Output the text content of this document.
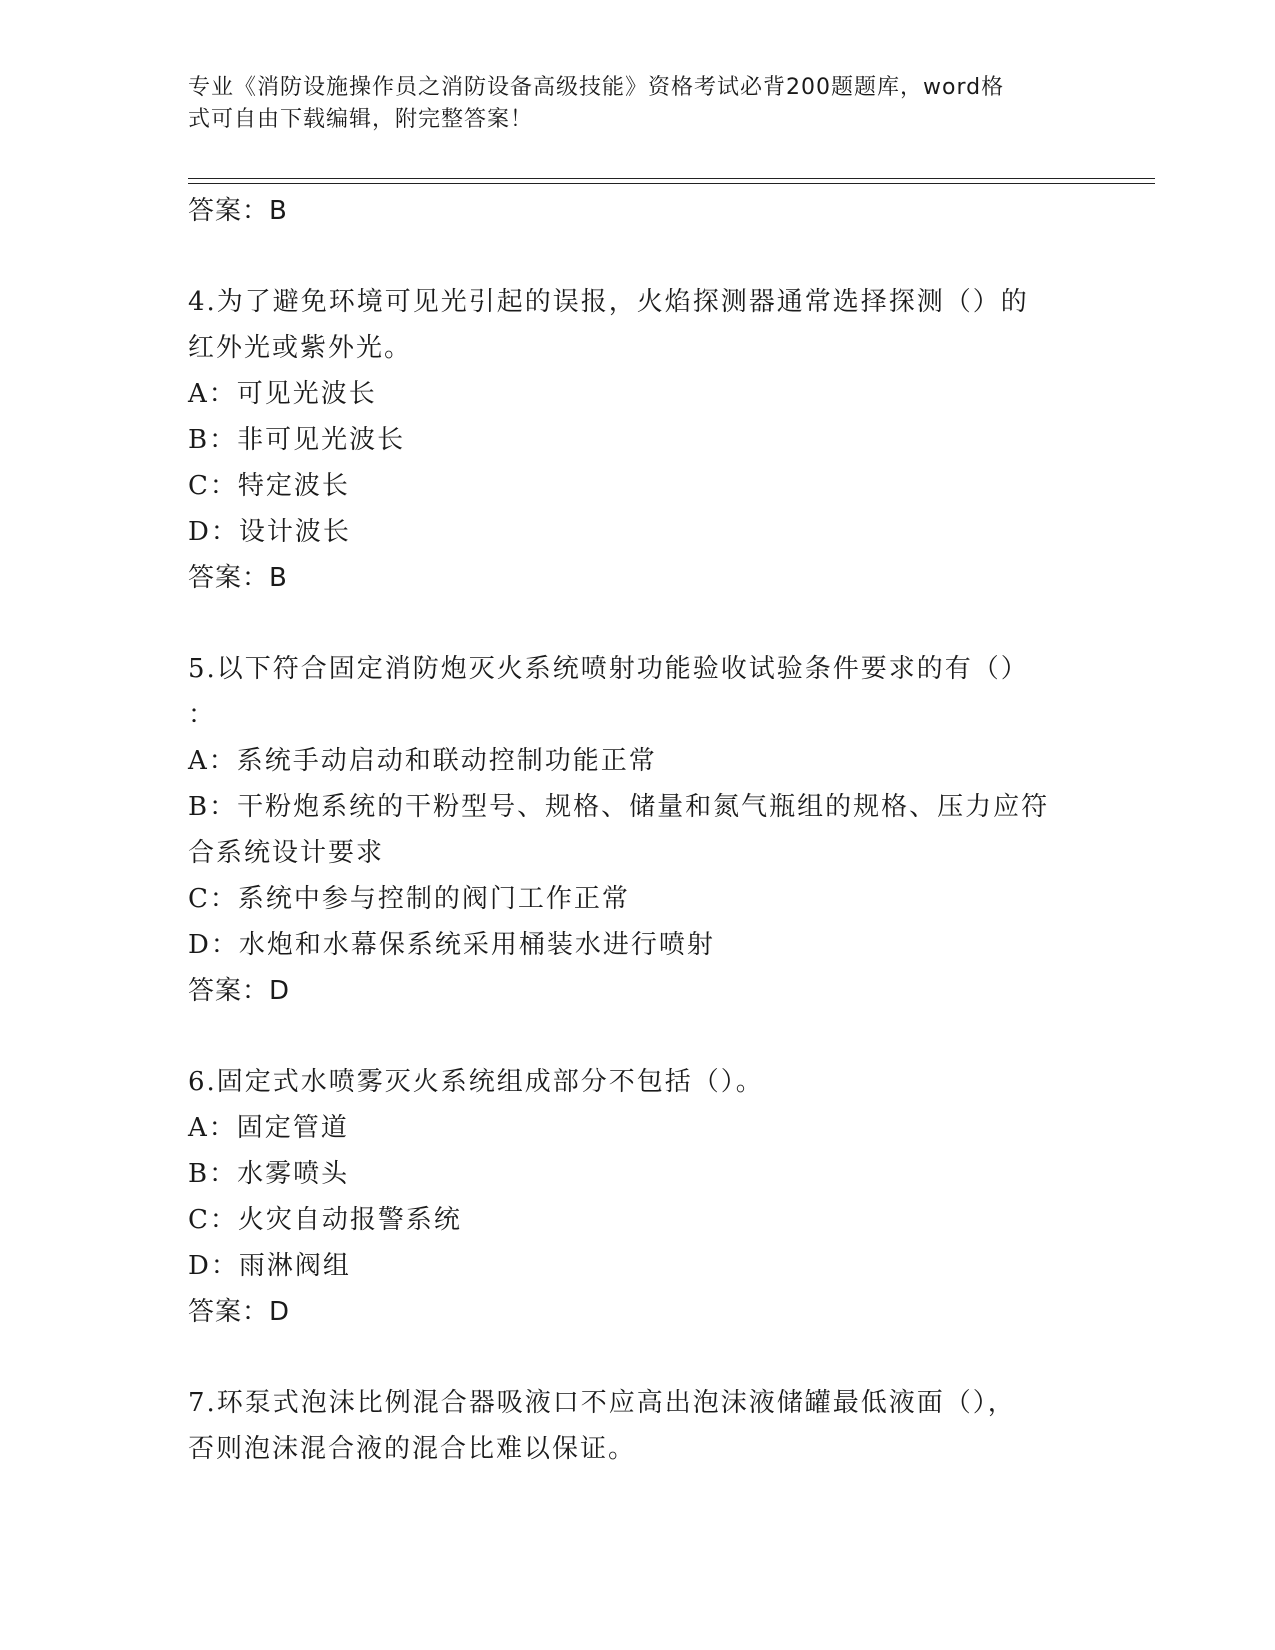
专业《消防设施操作员之消防设备高级技能》资格考试必背200题题库，word格
式可自由下载编辑，附完整答案！
答案：B
4.为了避免环境可见光引起的误报，火焰探测器通常选择探测（）的
红外光或紫外光。
A：可见光波长
B：非可见光波长
C：特定波长
D：设计波长
答案：B
5.以下符合固定消防炮灭火系统喷射功能验收试验条件要求的有（）
：
A：系统手动启动和联动控制功能正常
B：干粉炮系统的干粉型号、规格、储量和氮气瓶组的规格、压力应符
合系统设计要求
C：系统中参与控制的阀门工作正常
D：水炮和水幕保系统采用桶装水进行喷射
答案：D
6.固定式水喷雾灭火系统组成部分不包括（）。
A：固定管道
B：水雾喷头
C：火灾自动报警系统
D：雨淋阀组
答案：D
7.环泵式泡沫比例混合器吸液口不应高出泡沫液储罐最低液面（），
否则泡沫混合液的混合比难以保证。
